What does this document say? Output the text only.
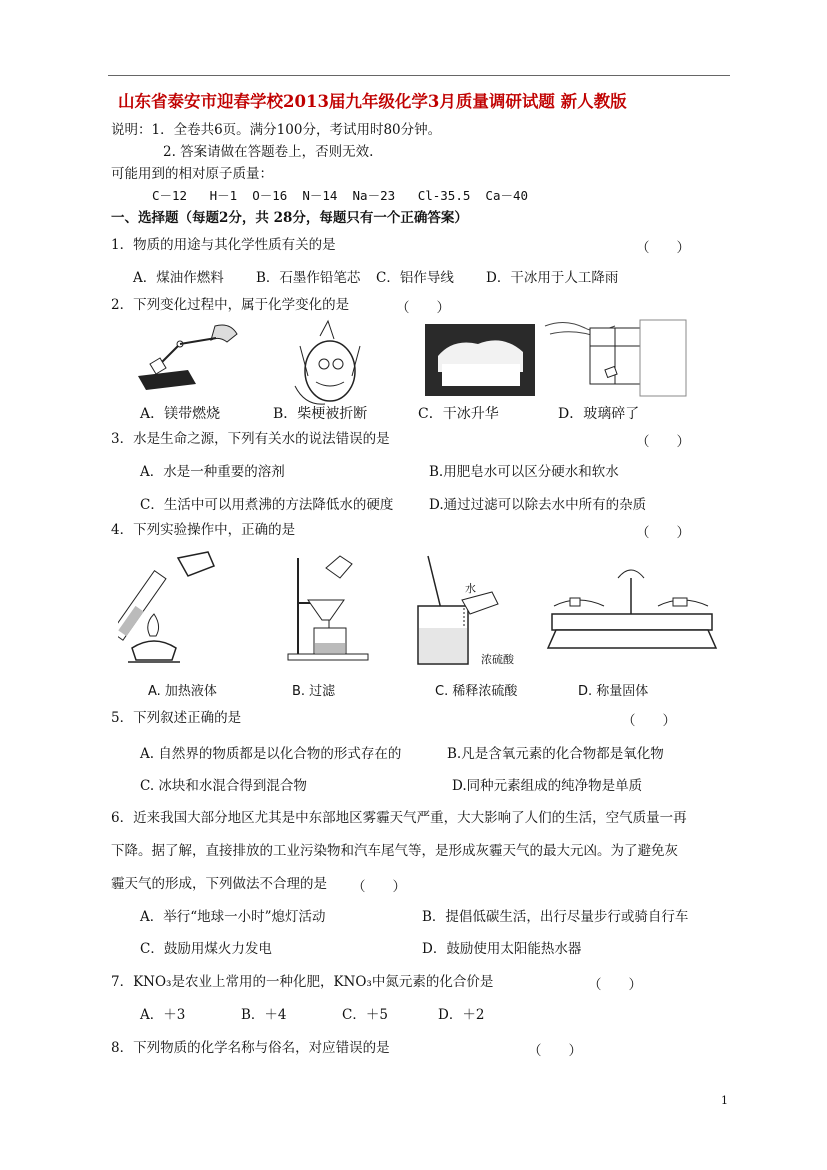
山东省泰安市迎春学校2013届九年级化学3月质量调研试题 新人教版
说明：1．全卷共6页。满分100分，考试用时80分钟。
2. 答案请做在答题卷上，否则无效.
可能用到的相对原子质量：
C－12   H－1  O－16  N－14  Na－23   Cl-35.5  Ca－40
一、选择题（每题2分，共 28分，每题只有一个正确答案）
1．物质的用途与其化学性质有关的是	（　　）
A．煤油作燃料 B．石墨作铅笔芯 C．铝作导线 D．干冰用于人工降雨
2．下列变化过程中，属于化学变化的是	（　　）
A．镁带燃烧	B．柴梗被折断	C．干冰升华	D．玻璃碎了
3．水是生命之源，下列有关水的说法错误的是	（　　）
A．水是一种重要的溶剂	B.用肥皂水可以区分硬水和软水
C．生活中可以用煮沸的方法降低水的硬度	D.通过过滤可以除去水中所有的杂质
4．下列实验操作中，正确的是	（　　）
水
浓硫酸
A. 加热液体	B. 过滤	C. 稀释浓硫酸	D. 称量固体
5．下列叙述正确的是	（　　）
A. 自然界的物质都是以化合物的形式存在的	B.凡是含氧元素的化合物都是氧化物
C. 冰块和水混合得到混合物	D.同种元素组成的纯净物是单质
6．近来我国大部分地区尤其是中东部地区雾霾天气严重，大大影响了人们的生活，空气质量一再
下降。据了解，直接排放的工业污染物和汽车尾气等，是形成灰霾天气的最大元凶。为了避免灰
霾天气的形成，下列做法不合理的是 （　　）
A．举行“地球一小时”熄灯活动	B．提倡低碳生活，出行尽量步行或骑自行车
C．鼓励用煤火力发电	D．鼓励使用太阳能热水器
7．KNO₃是农业上常用的一种化肥，KNO₃中氮元素的化合价是	（　　）
A．＋3	B．＋4	C．＋5	D．＋2
8．下列物质的化学名称与俗名，对应错误的是	（　　）
1
